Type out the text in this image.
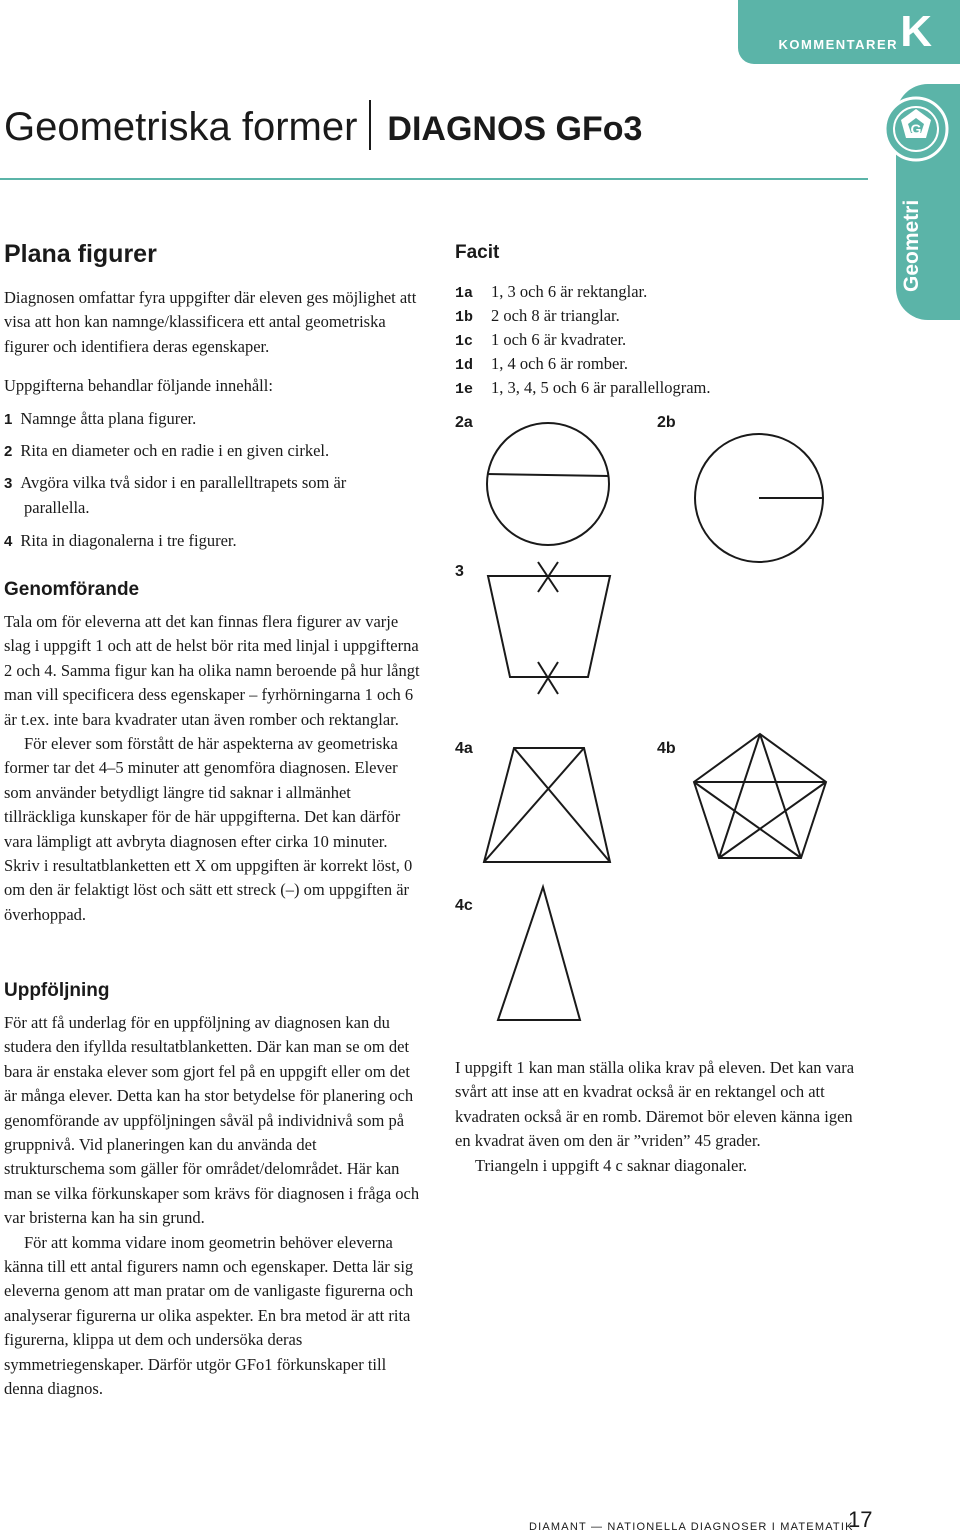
KOMMENTARER K
G
Geometri
Geometriska former DIAGNOS GFo3
Plana figurer

Diagnosen omfattar fyra uppgifter där eleven ges möjlighet att visa att hon kan namnge/klassificera ett antal geometriska figurer och identifiera deras egenskaper.

Uppgifterna behandlar följande innehåll:

1 Namnge åtta plana figurer.
2 Rita en diameter och en radie i en given cirkel.
3 Avgöra vilka två sidor i en parallelltrapets som är
parallella.
4 Rita in diagonalerna i tre figurer.
Genomförande

Tala om för eleverna att det kan finnas flera figurer av varje slag i uppgift 1 och att de helst bör rita med linjal i uppgifterna 2 och 4. Samma figur kan ha olika namn beroende på hur långt man vill specificera dess egenskaper – fyrhörningarna 1 och 6 är t.ex. inte bara kvadrater utan även romber och rektanglar.

För elever som förstått de här aspekterna av geometriska former tar det 4–5 minuter att genomföra diagnosen. Elever som använder betydligt längre tid saknar i allmänhet tillräckliga kunskaper för de här uppgifterna. Det kan därför vara lämpligt att avbryta diagnosen efter cirka 10 minuter. Skriv i resultatblanketten ett X om uppgiften är korrekt löst, 0 om den är felaktigt löst och sätt ett streck (–) om uppgiften är överhoppad.

Uppföljning

För att få underlag för en uppföljning av diagnosen kan du studera den ifyllda resultatblanketten. Där kan man se om det bara är enstaka elever som gjort fel på en uppgift eller om det är många elever. Detta kan ha stor betydelse för planering och genomförande av uppföljningen såväl på individnivå som på gruppnivå. Vid planeringen kan du använda det strukturschema som gäller för området/delområdet. Här kan man se vilka förkunskaper som krävs för diagnosen i fråga och var bristerna kan ha sin grund.

För att komma vidare inom geometrin behöver eleverna känna till ett antal figurers namn och egenskaper. Detta lär sig eleverna genom att man pratar om de vanligaste figurerna och analyserar figurerna ur olika aspekter. En bra metod är att rita figurerna, klippa ut dem och undersöka deras symmetriegenskaper. Därför utgör GFo1 förkunskaper till denna diagnos.

Facit
1a 1, 3 och 6 är rektanglar.
1b 2 och 8 är trianglar.
1c 1 och 6 är kvadrater.
1d 1, 4 och 6 är romber.
1e 1, 3, 4, 5 och 6 är parallellogram.
2a	2b
3
4a	4b
4c

I uppgift 1 kan man ställa olika krav på eleven. Det kan vara svårt att inse att en kvadrat också är en rektangel och att kvadraten också är en romb. Däremot bör eleven känna igen en kvadrat även om den är ”vriden” 45 grader.

Triangeln i uppgift 4 c saknar diagonaler.

DIAMANT — NATIONELLA DIAGNOSER I MATEMATIK
17
